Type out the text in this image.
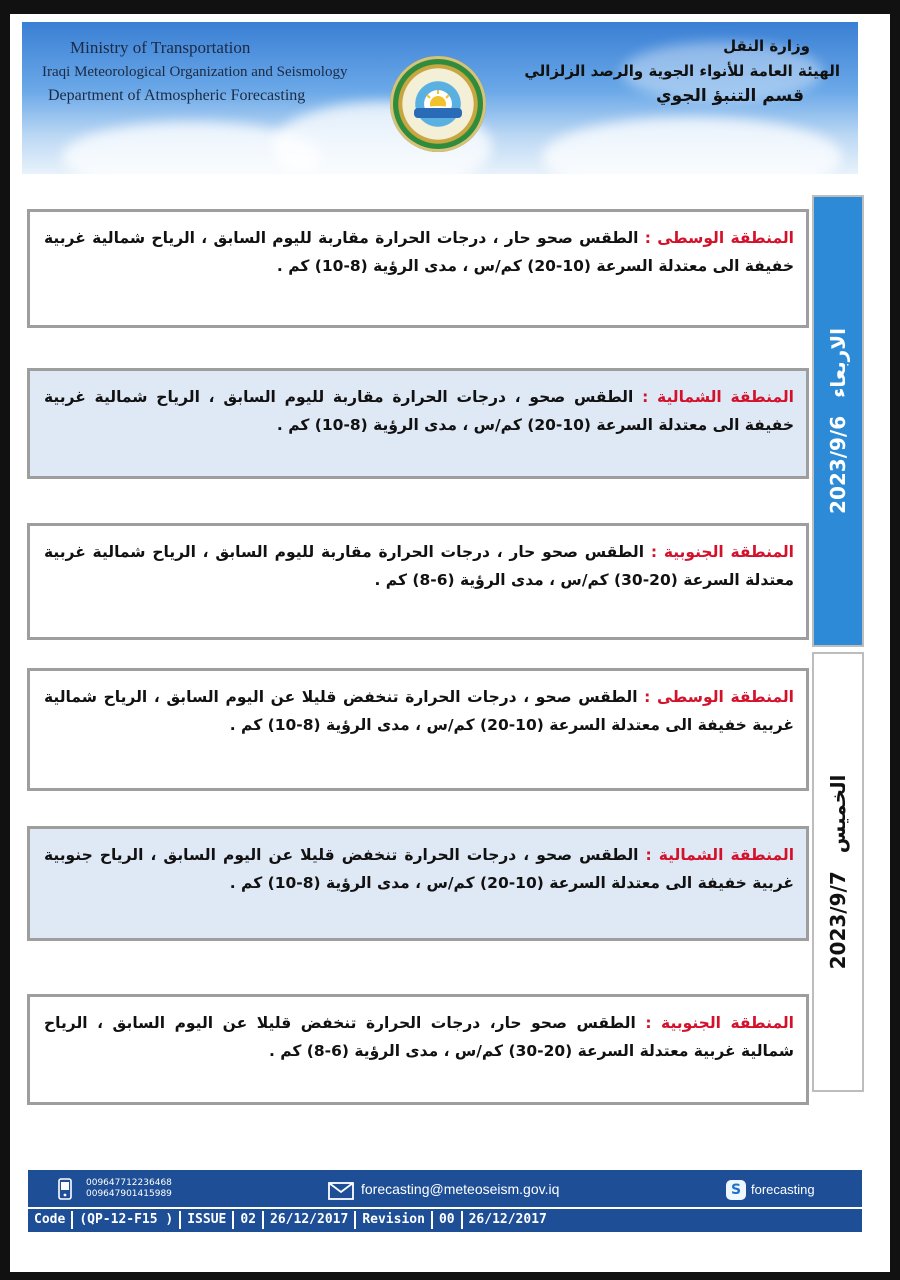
Ministry of Transportation
Iraqi Meteorological Organization and Seismology
Department of Atmospheric Forecasting
وزارة النقل
الهيئة العامة للأنواء الجوية والرصد الزلزالي
قسم التنبؤ الجوي
2023/9/6الاربعاء
المنطقة الوسطى : الطقس صحو حار ، درجات الحرارة مقاربة لليوم السابق ، الرياح شمالية غربية خفيفة الى معتدلة السرعة (10-20) كم/س ، مدى الرؤية (8-10) كم .
المنطقة الشمالية : الطقس صحو ، درجات الحرارة مقاربة لليوم السابق ، الرياح شمالية غربية خفيفة الى معتدلة السرعة (10-20) كم/س ، مدى الرؤية (8-10) كم .
المنطقة الجنوبية : الطقس صحو حار ، درجات الحرارة مقاربة لليوم السابق ، الرياح شمالية غربية معتدلة السرعة (20-30) كم/س ، مدى الرؤية (6-8) كم .
2023/9/7الخميس
المنطقة الوسطى : الطقس صحو ، درجات الحرارة تنخفض قليلا عن اليوم السابق ، الرياح شمالية غربية خفيفة الى معتدلة السرعة (10-20) كم/س ، مدى الرؤية (8-10) كم .
المنطقة الشمالية : الطقس صحو ، درجات الحرارة تنخفض قليلا عن اليوم السابق ، الرياح جنوبية غربية خفيفة الى معتدلة السرعة (10-20) كم/س ، مدى الرؤية (8-10) كم .
المنطقة الجنوبية : الطقس صحو حار، درجات الحرارة تنخفض قليلا عن اليوم السابق ، الرياح شمالية غربية معتدلة السرعة (20-30) كم/س ، مدى الرؤية (6-8) كم .
009647712236468
009647901415989	forecasting@meteoseism.gov.iq	S forecasting
Code	(QP-12-F15 )	ISSUE	02	26/12/2017	Revision	00	26/12/2017
